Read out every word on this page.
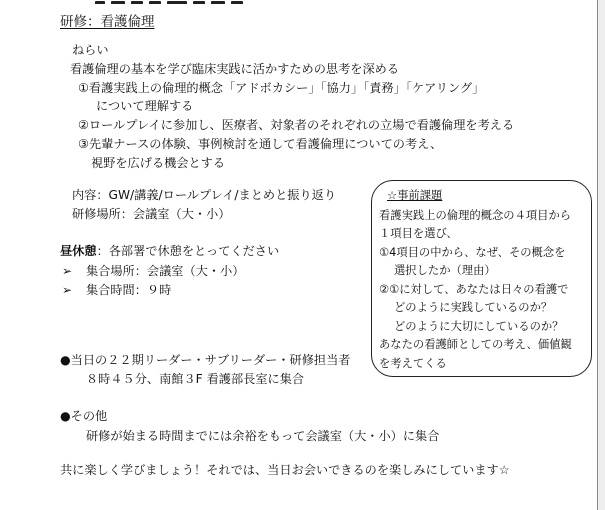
研修：看護倫理
ねらい
看護倫理の基本を学び臨床実践に活かすための思考を深める
①看護実践上の倫理的概念「アドボカシー」「協力」「責務」「ケアリング」
について理解する
②ロールプレイに参加し、医療者、対象者のそれぞれの立場で看護倫理を考える
③先輩ナースの体験、事例検討を通して看護倫理についての考え、
視野を広げる機会とする
内容：GW/講義/ロールプレイ/まとめと振り返り
研修場所：会議室（大・小）
昼休憩：各部署で休憩をとってください
➢ 集合場所：会議室（大・小）
➢ 集合時間：９時
●当日の２２期リーダー・サブリーダー・研修担当者
８時４５分、南館３F 看護部長室に集合
●その他
研修が始まる時間までには余裕をもって会議室（大・小）に集合
共に楽しく学びましょう！それでは、当日お会いできるのを楽しみにしています☆
☆事前課題
看護実践上の倫理的概念の４項目から
１項目を選び、
①4項目の中から、なぜ、その概念を
選択したか（理由）
②①に対して、あなたは日々の看護で
どのように実践しているのか？
どのように大切にしているのか？
あなたの看護師としての考え、価値観
を考えてくる
